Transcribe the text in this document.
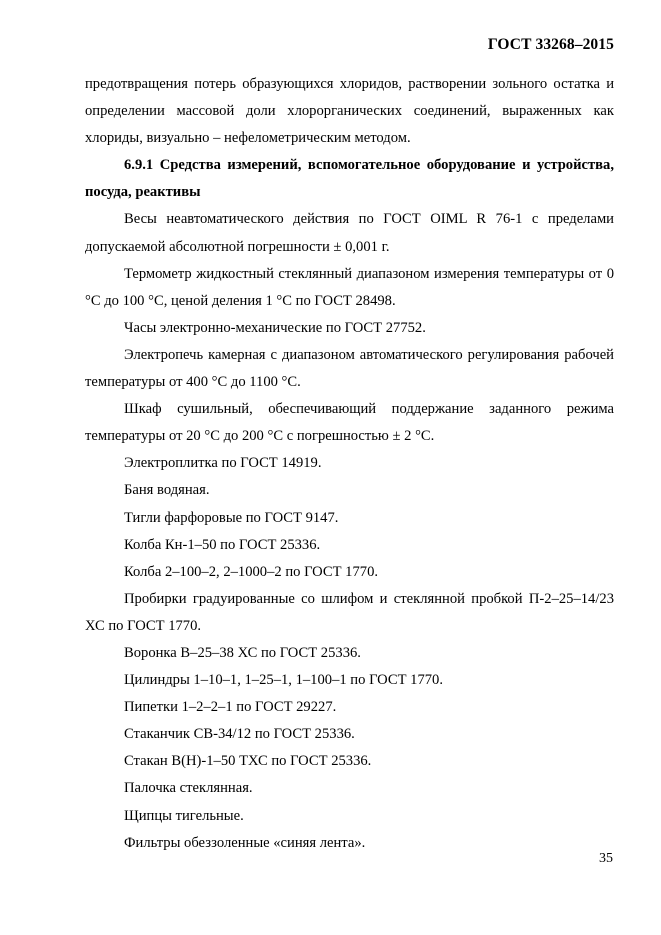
ГОСТ 33268–2015

предотвращения потерь образующихся хлоридов, растворении зольного остатка и определении массовой доли хлорорганических соединений, выраженных как хлориды, визуально – нефелометрическим методом.

6.9.1 Средства измерений, вспомогательное оборудование и устройства, посуда, реактивы

Весы неавтоматического действия по ГОСТ OIML R 76-1 с пределами допускаемой абсолютной погрешности ± 0,001 г.

Термометр жидкостный стеклянный диапазоном измерения температуры от 0 °С до 100 °С, ценой деления 1 °С по ГОСТ 28498.

Часы электронно-механические по ГОСТ 27752.

Электропечь камерная с диапазоном автоматического регулирования рабочей температуры от 400 °С до 1100 °С.

Шкаф сушильный, обеспечивающий поддержание заданного режима температуры от 20 °С до 200 °С с погрешностью ± 2 °С.

Электроплитка по ГОСТ 14919.

Баня водяная.

Тигли фарфоровые по ГОСТ 9147.

Колба Кн-1–50 по ГОСТ 25336.

Колба 2–100–2, 2–1000–2 по ГОСТ 1770.

Пробирки градуированные со шлифом и стеклянной пробкой П-2–25–14/23 ХС по ГОСТ 1770.

Воронка В–25–38 ХС по ГОСТ 25336.

Цилиндры 1–10–1, 1–25–1, 1–100–1 по ГОСТ 1770.

Пипетки 1–2–2–1 по ГОСТ 29227.

Стаканчик СВ-34/12 по ГОСТ 25336.

Стакан В(Н)-1–50 ТХС по ГОСТ 25336.

Палочка стеклянная.

Щипцы тигельные.

Фильтры обеззоленные «синяя лента».

35
